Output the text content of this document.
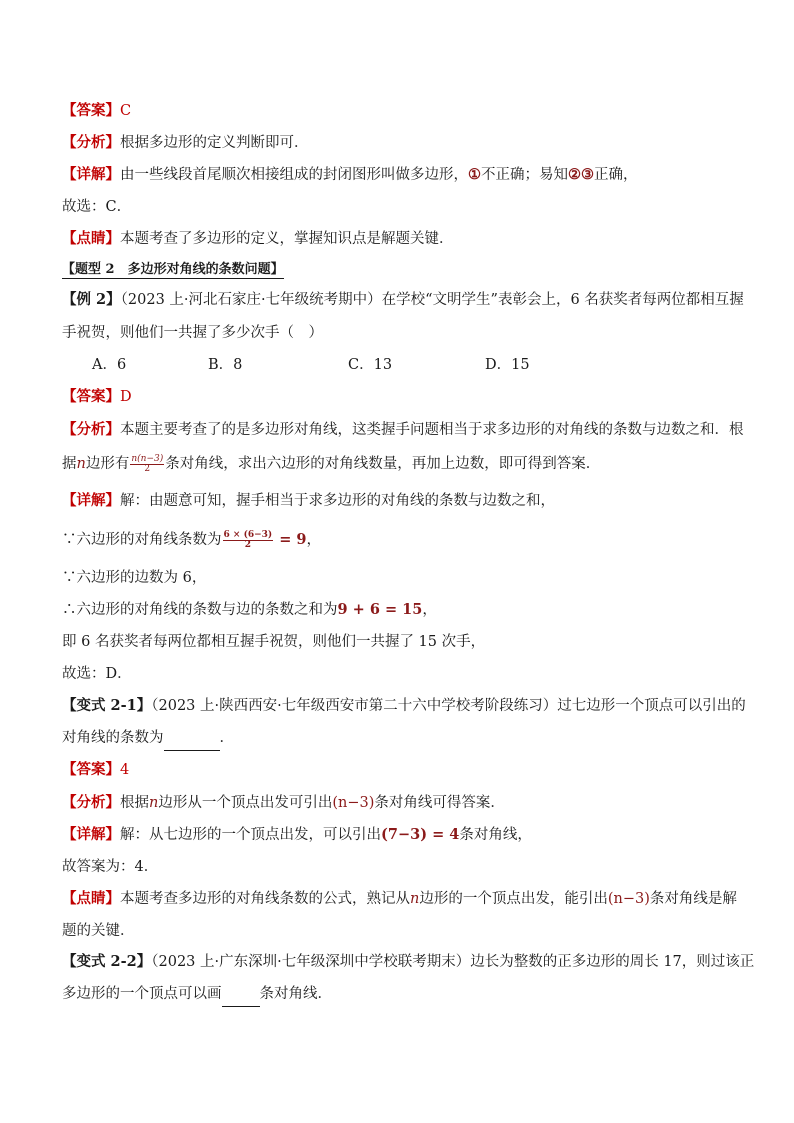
【答案】C
【分析】根据多边形的定义判断即可．
【详解】由一些线段首尾顺次相接组成的封闭图形叫做多边形，①不正确；易知②③正确，
故选：C．
【点睛】本题考查了多边形的定义，掌握知识点是解题关键．
【题型 2　多边形对角线的条数问题】
【例 2】（2023 上·河北石家庄·七年级统考期中）在学校“文明学生”表彰会上，6 名获奖者每两位都相互握
手祝贺，则他们一共握了多少次手（　）
A．6	B．8	C．13	D．15
【答案】D
【分析】本题主要考查了的是多边形对角线，这类握手问题相当于求多边形的对角线的条数与边数之和．根
据n边形有 $\frac{n(n-3)}{2}$ 条对角线，求出六边形的对角线数量，再加上边数，即可得到答案．
【详解】解：由题意可知，握手相当于求多边形的对角线的条数与边数之和，
∵六边形的对角线条数为 $\frac{6 \times (6-3)}{2} = 9$，
∵六边形的边数为 6，
∴六边形的对角线的条数与边的条数之和为9 + 6 = 15，
即 6 名获奖者每两位都相互握手祝贺，则他们一共握了 15 次手，
故选：D．
【变式 2-1】（2023 上·陕西西安·七年级西安市第二十六中学校考阶段练习）过七边形一个顶点可以引出的
对角线的条数为	．
【答案】4
【分析】根据n边形从一个顶点出发可引出(n−3)条对角线可得答案．
【详解】解：从七边形的一个顶点出发，可以引出(7−3) = 4条对角线，
故答案为：4．
【点睛】本题考查多边形的对角线条数的公式，熟记从n边形的一个顶点出发，能引出(n−3)条对角线是解
题的关键．
【变式 2-2】（2023 上·广东深圳·七年级深圳中学校联考期末）边长为整数的正多边形的周长 17，则过该正
多边形的一个顶点可以画	条对角线．
